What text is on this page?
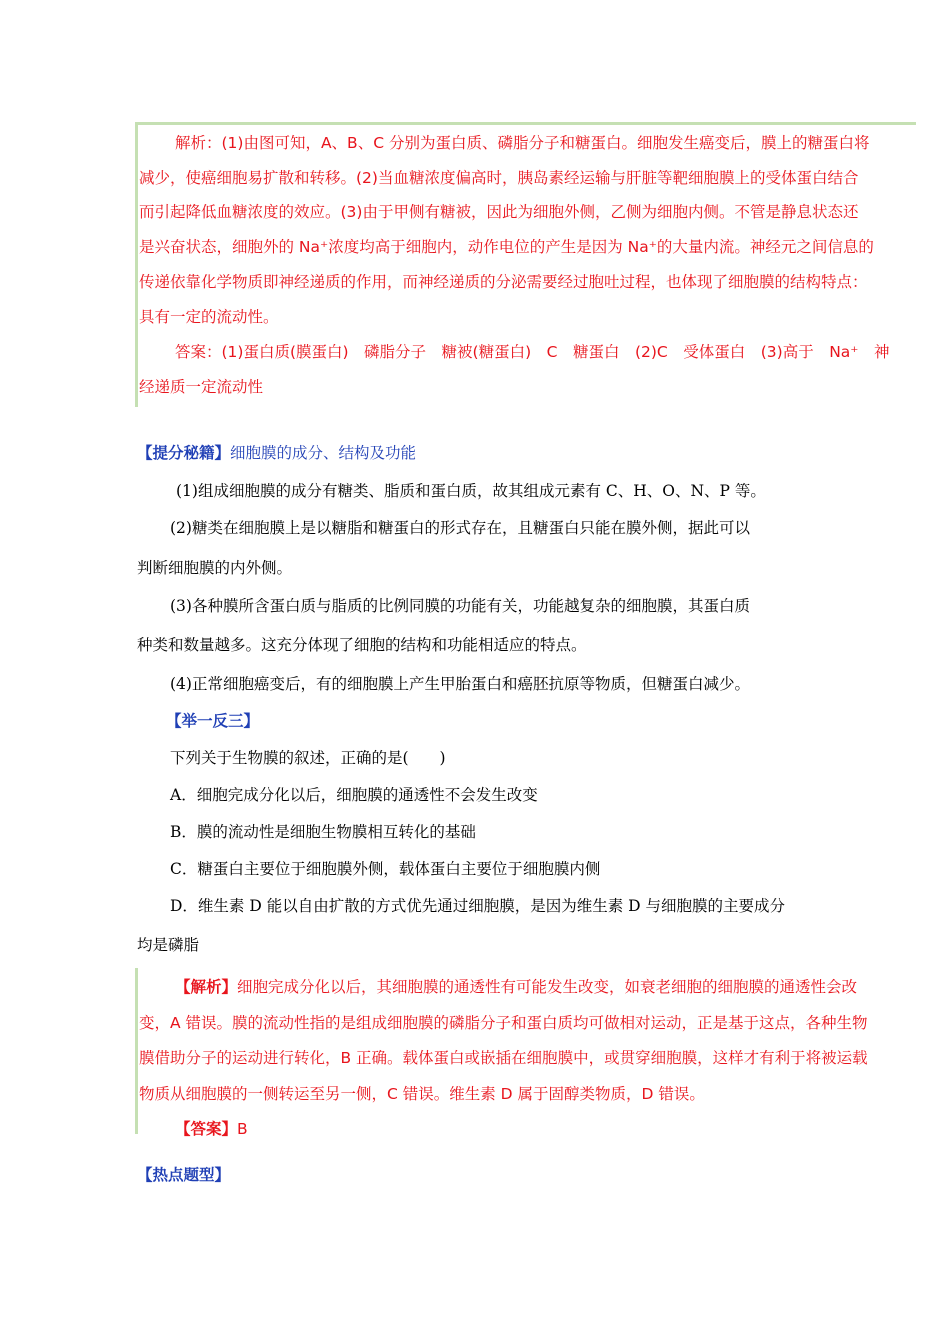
解析：(1)由图可知，A、B、C 分别为蛋白质、磷脂分子和糖蛋白。细胞发生癌变后，膜上的糖蛋白将
减少，使癌细胞易扩散和转移。(2)当血糖浓度偏高时，胰岛素经运输与肝脏等靶细胞膜上的受体蛋白结合
而引起降低血糖浓度的效应。(3)由于甲侧有糖被，因此为细胞外侧，乙侧为细胞内侧。不管是静息状态还
是兴奋状态，细胞外的 Na⁺浓度均高于细胞内，动作电位的产生是因为 Na⁺的大量内流。神经元之间信息的
传递依靠化学物质即神经递质的作用，而神经递质的分泌需要经过胞吐过程，也体现了细胞膜的结构特点：
具有一定的流动性。
答案：(1)蛋白质(膜蛋白)　磷脂分子　糖被(糖蛋白)　C　糖蛋白　(2)C　受体蛋白　(3)高于　Na⁺　神
经递质一定流动性
【提分秘籍】细胞膜的成分、结构及功能
(1)组成细胞膜的成分有糖类、脂质和蛋白质，故其组成元素有 C、H、O、N、P 等。
(2)糖类在细胞膜上是以糖脂和糖蛋白的形式存在，且糖蛋白只能在膜外侧，据此可以
判断细胞膜的内外侧。
(3)各种膜所含蛋白质与脂质的比例同膜的功能有关，功能越复杂的细胞膜，其蛋白质
种类和数量越多。这充分体现了细胞的结构和功能相适应的特点。
(4)正常细胞癌变后，有的细胞膜上产生甲胎蛋白和癌胚抗原等物质，但糖蛋白减少。
【举一反三】
下列关于生物膜的叙述，正确的是(　　)
A．细胞完成分化以后，细胞膜的通透性不会发生改变
B．膜的流动性是细胞生物膜相互转化的基础
C．糖蛋白主要位于细胞膜外侧，载体蛋白主要位于细胞膜内侧
D．维生素 D 能以自由扩散的方式优先通过细胞膜，是因为维生素 D 与细胞膜的主要成分
均是磷脂
【解析】细胞完成分化以后，其细胞膜的通透性有可能发生改变，如衰老细胞的细胞膜的通透性会改
变，A 错误。膜的流动性指的是组成细胞膜的磷脂分子和蛋白质均可做相对运动，正是基于这点，各种生物
膜借助分子的运动进行转化，B 正确。载体蛋白或嵌插在细胞膜中，或贯穿细胞膜，这样才有利于将被运载
物质从细胞膜的一侧转运至另一侧，C 错误。维生素 D 属于固醇类物质，D 错误。
【答案】B
【热点题型】
